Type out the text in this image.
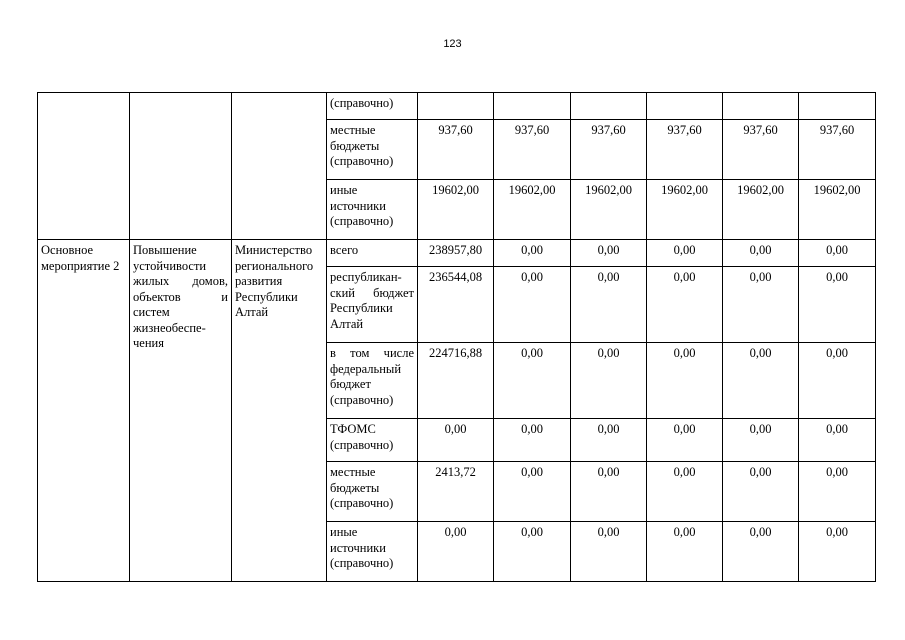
123
			(справочно)						
			местные бюджеты (справочно)	937,60	937,60	937,60	937,60	937,60	937,60
			иные источники (справочно)	19602,00	19602,00	19602,00	19602,00	19602,00	19602,00
Основное мероприятие 2	Повышение устойчивости жилых домов, объектов и систем жизнеобеспе-чения	Министерство регионального развития Республики Алтай	всего	238957,80	0,00	0,00	0,00	0,00	0,00
			республикан-ский бюджет Республики Алтай	236544,08	0,00	0,00	0,00	0,00	0,00
			в том числе федеральный бюджет (справочно)	224716,88	0,00	0,00	0,00	0,00	0,00
			ТФОМС (справочно)	0,00	0,00	0,00	0,00	0,00	0,00
			местные бюджеты (справочно)	2413,72	0,00	0,00	0,00	0,00	0,00
			иные источники (справочно)	0,00	0,00	0,00	0,00	0,00	0,00
